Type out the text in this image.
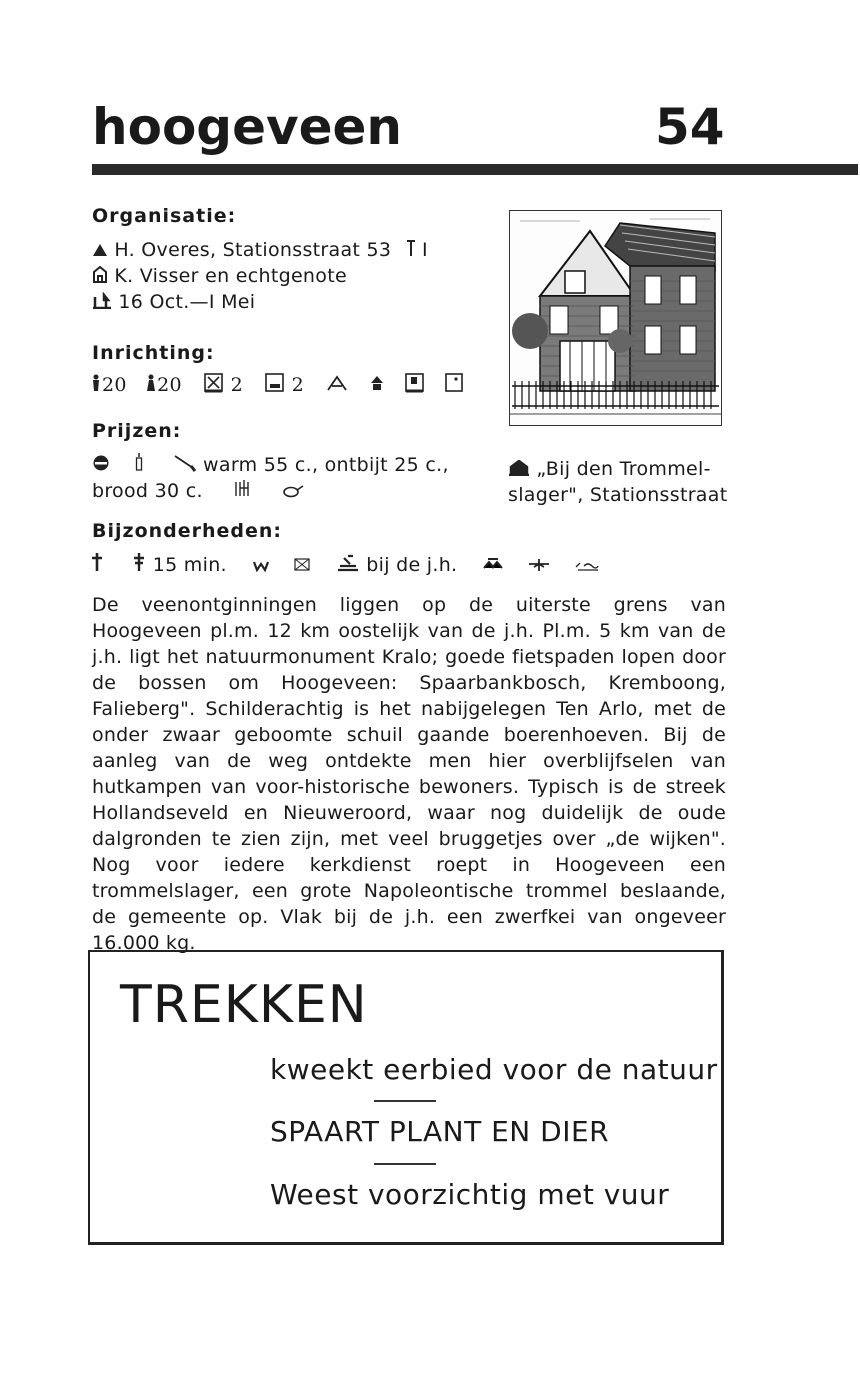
hoogeveen	54
Organisatie:
H. Overes, Stationsstraat 53 I
K. Visser en echtgenote
16 Oct.—I Mei
Inrichting:
20 20	2	2
Prijzen:
warm 55 c., ontbijt 25 c.,
brood 30 c.
„Bij den Trommel-
slager", Stationsstraat
Bijzonderheden:
15 min.	bij de j.h.
De veenontginningen liggen op de uiterste grens van Hoogeveen pl.m. 12 km oostelijk van de j.h. Pl.m. 5 km van de j.h. ligt het natuurmonument Kralo; goede fietspaden lopen door de bossen om Hoogeveen: Spaarbankbosch, Kremboong, Falieberg". Schilderachtig is het nabijgelegen Ten Arlo, met de onder zwaar geboomte schuil gaande boerenhoeven. Bij de aanleg van de weg ontdekte men hier overblijfselen van hutkampen van voor-historische bewoners. Typisch is de streek Hollandseveld en Nieuweroord, waar nog duidelijk de oude dalgronden te zien zijn, met veel bruggetjes over „de wijken". Nog voor iedere kerkdienst roept in Hoogeveen een trommelslager, een grote Napoleontische trommel beslaande, de gemeente op. Vlak bij de j.h. een zwerfkei van ongeveer 16.000 kg.
TREKKEN
kweekt eerbied voor de natuur
SPAART PLANT EN DIER
Weest voorzichtig met vuur
